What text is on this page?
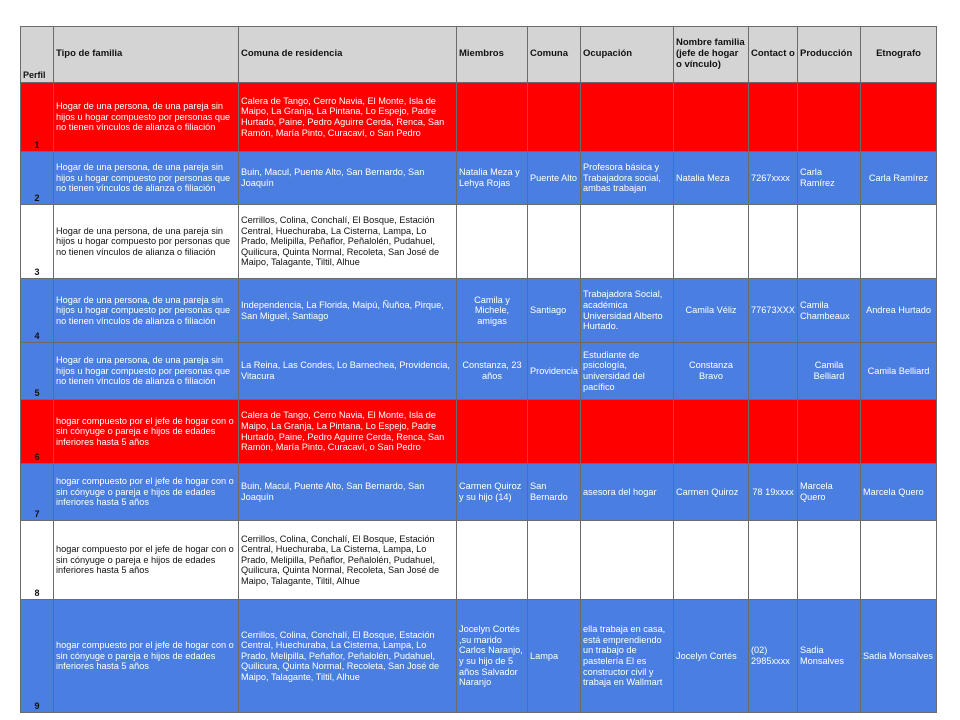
Perfil	Tipo de familia	Comuna de residencia	Miembros	Comuna	Ocupación	Nombre familia (jefe de hogar o vínculo)	Contact o	Producción	Etnografo
1	Hogar de una persona, de una pareja sin hijos u hogar compuesto por personas que no tienen vínculos de alianza o filiación	Calera de Tango, Cerro Navia, El Monte, Isla de Maipo, La Granja, La Pintana, Lo Espejo, Padre Hurtado, Paine, Pedro Aguirre Cerda, Renca, San Ramón, María Pinto, Curacaví, o San Pedro							
2	Hogar de una persona, de una pareja sin hijos u hogar compuesto por personas que no tienen vínculos de alianza o filiación	Buin, Macul, Puente Alto, San Bernardo, San Joaquín	Natalia Meza y Lehya Rojas	Puente Alto	Profesora básica y Trabajadora social, ambas trabajan	Natalia Meza	7267xxxx	Carla Ramírez	Carla Ramírez
3	Hogar de una persona, de una pareja sin hijos u hogar compuesto por personas que no tienen vínculos de alianza o filiación	Cerrillos, Colina, Conchalí, El Bosque, Estación Central, Huechuraba, La Cisterna, Lampa, Lo Prado, Melipilla, Peñaflor, Peñalolén, Pudahuel, Quilicura, Quinta Normal, Recoleta, San José de Maipo, Talagante, Tiltil, Alhue							
4	Hogar de una persona, de una pareja sin hijos u hogar compuesto por personas que no tienen vínculos de alianza o filiación	Independencia, La Florida, Maipú, Ñuñoa, Pirque, San Miguel, Santiago	Camila y Michele, amigas	Santiago	Trabajadora Social, académica Universidad Alberto Hurtado.	Camila Véliz	77673XXX	Camila Chambeaux	Andrea Hurtado
5	Hogar de una persona, de una pareja sin hijos u hogar compuesto por personas que no tienen vínculos de alianza o filiación	La Reina, Las Condes, Lo Barnechea, Providencia, Vitacura	Constanza, 23 años	Providencia	Estudiante de psicología, universidad del pacífico	Constanza Bravo		Camila Belliard	Camila Belliard
6	hogar compuesto por el jefe de hogar con o sin cónyuge o pareja e hijos de edades inferiores hasta 5 años	Calera de Tango, Cerro Navia, El Monte, Isla de Maipo, La Granja, La Pintana, Lo Espejo, Padre Hurtado, Paine, Pedro Aguirre Cerda, Renca, San Ramón, María Pinto, Curacaví, o San Pedro							
7	hogar compuesto por el jefe de hogar con o sin cónyuge o pareja e hijos de edades inferiores hasta 5 años	Buin, Macul, Puente Alto, San Bernardo, San Joaquín	Carmen Quiroz y su hijo (14)	San Bernardo	asesora del hogar	Carmen Quiroz	78 19xxxx	Marcela Quero	Marcela Quero
8	hogar compuesto por el jefe de hogar con o sin cónyuge o pareja e hijos de edades inferiores hasta 5 años	Cerrillos, Colina, Conchalí, El Bosque, Estación Central, Huechuraba, La Cisterna, Lampa, Lo Prado, Melipilla, Peñaflor, Peñalolén, Pudahuel, Quilicura, Quinta Normal, Recoleta, San José de Maipo, Talagante, Tiltil, Alhue							
9	hogar compuesto por el jefe de hogar con o sin cónyuge o pareja e hijos de edades inferiores hasta 5 años	Cerrillos, Colina, Conchalí, El Bosque, Estación Central, Huechuraba, La Cisterna, Lampa, Lo Prado, Melipilla, Peñaflor, Peñalolén, Pudahuel, Quilicura, Quinta Normal, Recoleta, San José de Maipo, Talagante, Tiltil, Alhue	Jocelyn Cortés ,su marido Carlos Naranjo, y su hijo de 5 años Salvador Naranjo	Lampa	ella trabaja en casa, está emprendiendo un trabajo de pastelería El es constructor civil y trabaja en Wallmart	Jocelyn Cortés	(02) 2985xxxx	Sadia Monsalves	Sadia Monsalves
